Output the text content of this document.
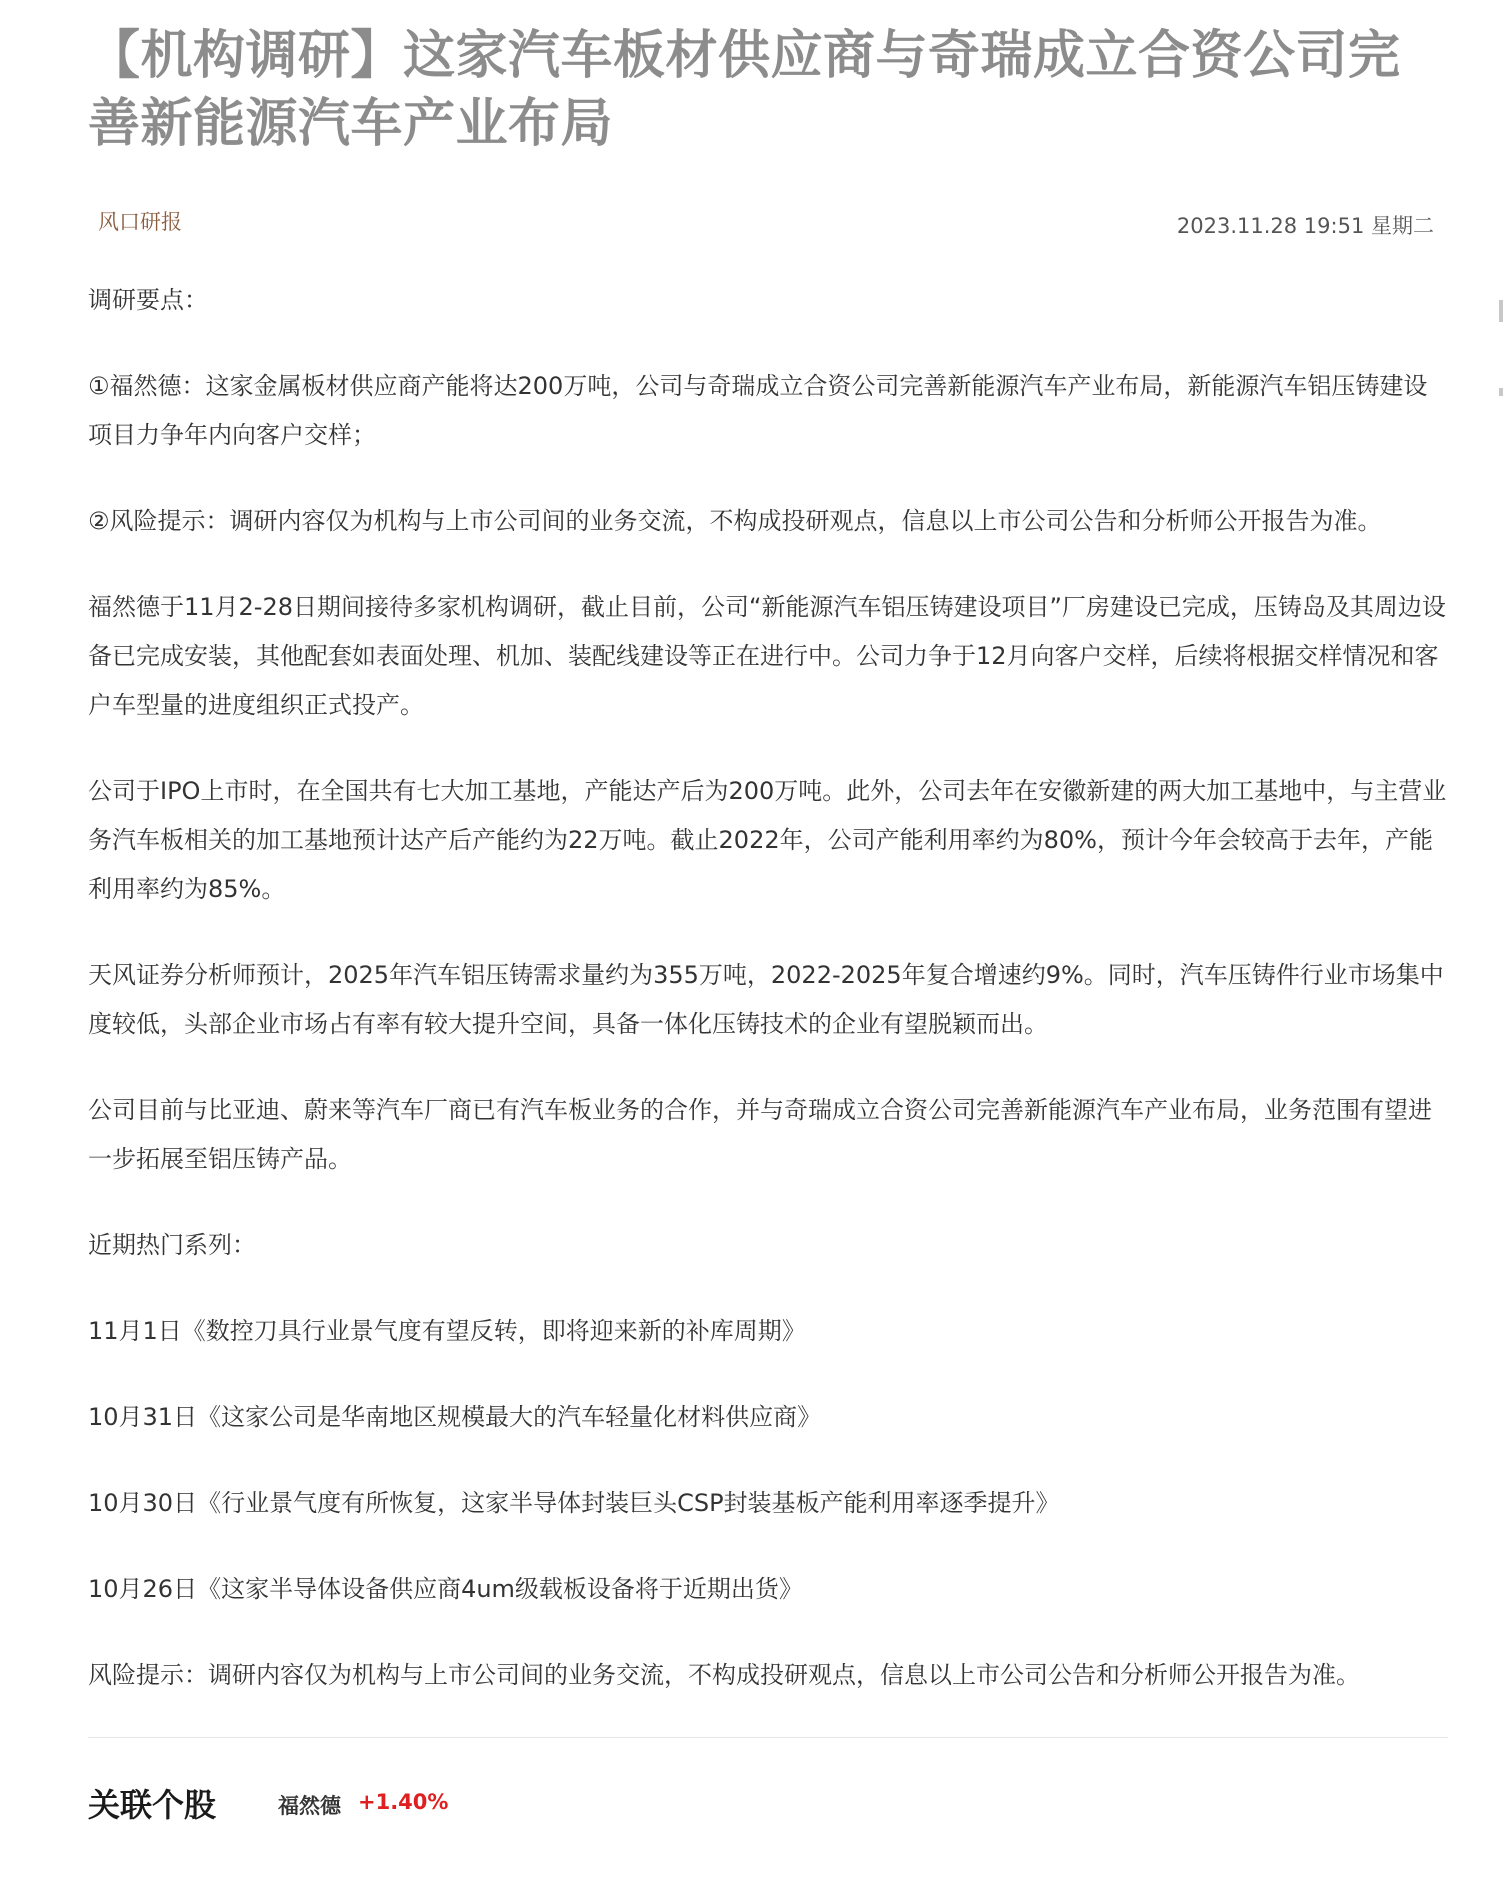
【机构调研】这家汽车板材供应商与奇瑞成立合资公司完善新能源汽车产业布局
风口研报	2023.11.28 19:51 星期二

调研要点：

①福然德：这家金属板材供应商产能将达200万吨，公司与奇瑞成立合资公司完善新能源汽车产业布局，新能源汽车铝压铸建设项目力争年内向客户交样；

②风险提示：调研内容仅为机构与上市公司间的业务交流，不构成投研观点，信息以上市公司公告和分析师公开报告为准。

福然德于11月2-28日期间接待多家机构调研，截止目前，公司“新能源汽车铝压铸建设项目”厂房建设已完成，压铸岛及其周边设备已完成安装，其他配套如表面处理、机加、装配线建设等正在进行中。公司力争于12月向客户交样，后续将根据交样情况和客户车型量的进度组织正式投产。

公司于IPO上市时，在全国共有七大加工基地，产能达产后为200万吨。此外，公司去年在安徽新建的两大加工基地中，与主营业务汽车板相关的加工基地预计达产后产能约为22万吨。截止2022年，公司产能利用率约为80%，预计今年会较高于去年，产能利用率约为85%。

天风证券分析师预计，2025年汽车铝压铸需求量约为355万吨，2022-2025年复合增速约9%。同时，汽车压铸件行业市场集中度较低，头部企业市场占有率有较大提升空间，具备一体化压铸技术的企业有望脱颖而出。

公司目前与比亚迪、蔚来等汽车厂商已有汽车板业务的合作，并与奇瑞成立合资公司完善新能源汽车产业布局，业务范围有望进一步拓展至铝压铸产品。

近期热门系列：

11月1日《数控刀具行业景气度有望反转，即将迎来新的补库周期》

10月31日《这家公司是华南地区规模最大的汽车轻量化材料供应商》

10月30日《行业景气度有所恢复，这家半导体封装巨头CSP封装基板产能利用率逐季提升》

10月26日《这家半导体设备供应商4um级载板设备将于近期出货》

风险提示：调研内容仅为机构与上市公司间的业务交流，不构成投研观点，信息以上市公司公告和分析师公开报告为准。

关联个股	福然德 +1.40%
